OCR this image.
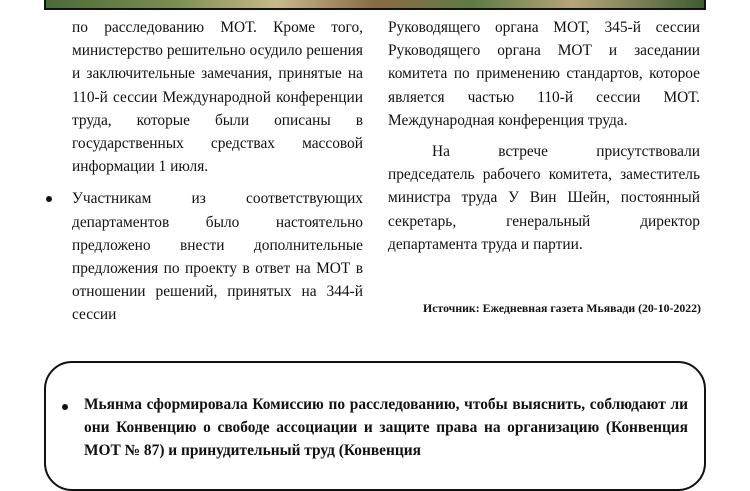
по расследованию МОТ. Кроме того, министерство решительно осудило решения и заключительные замечания, принятые на 110-й сессии Международной конференции труда, которые были описаны в государственных средствах массовой информации 1 июля.

Участникам из соответствующих департаментов было настоятельно предложено внести дополнительные предложения по проекту в ответ на МОТ в отношении решений, принятых на 344-й сессии

Руководящего органа МОТ, 345-й сессии Руководящего органа МОТ и заседании комитета по применению стандартов, которое является частью 110-й сессии МОТ. Международная конференция труда.

На встрече присутствовали председатель рабочего комитета, заместитель министра труда У Вин Шейн, постоянный секретарь, генеральный директор департамента труда и партии.

Источник: Ежедневная газета Мьявади (20-10-2022)
Мьянма сформировала Комиссию по расследованию, чтобы выяснить, соблюдают ли они Конвенцию о свободе ассоциации и защите права на организацию (Конвенция МОТ № 87) и принудительный труд (Конвенция
